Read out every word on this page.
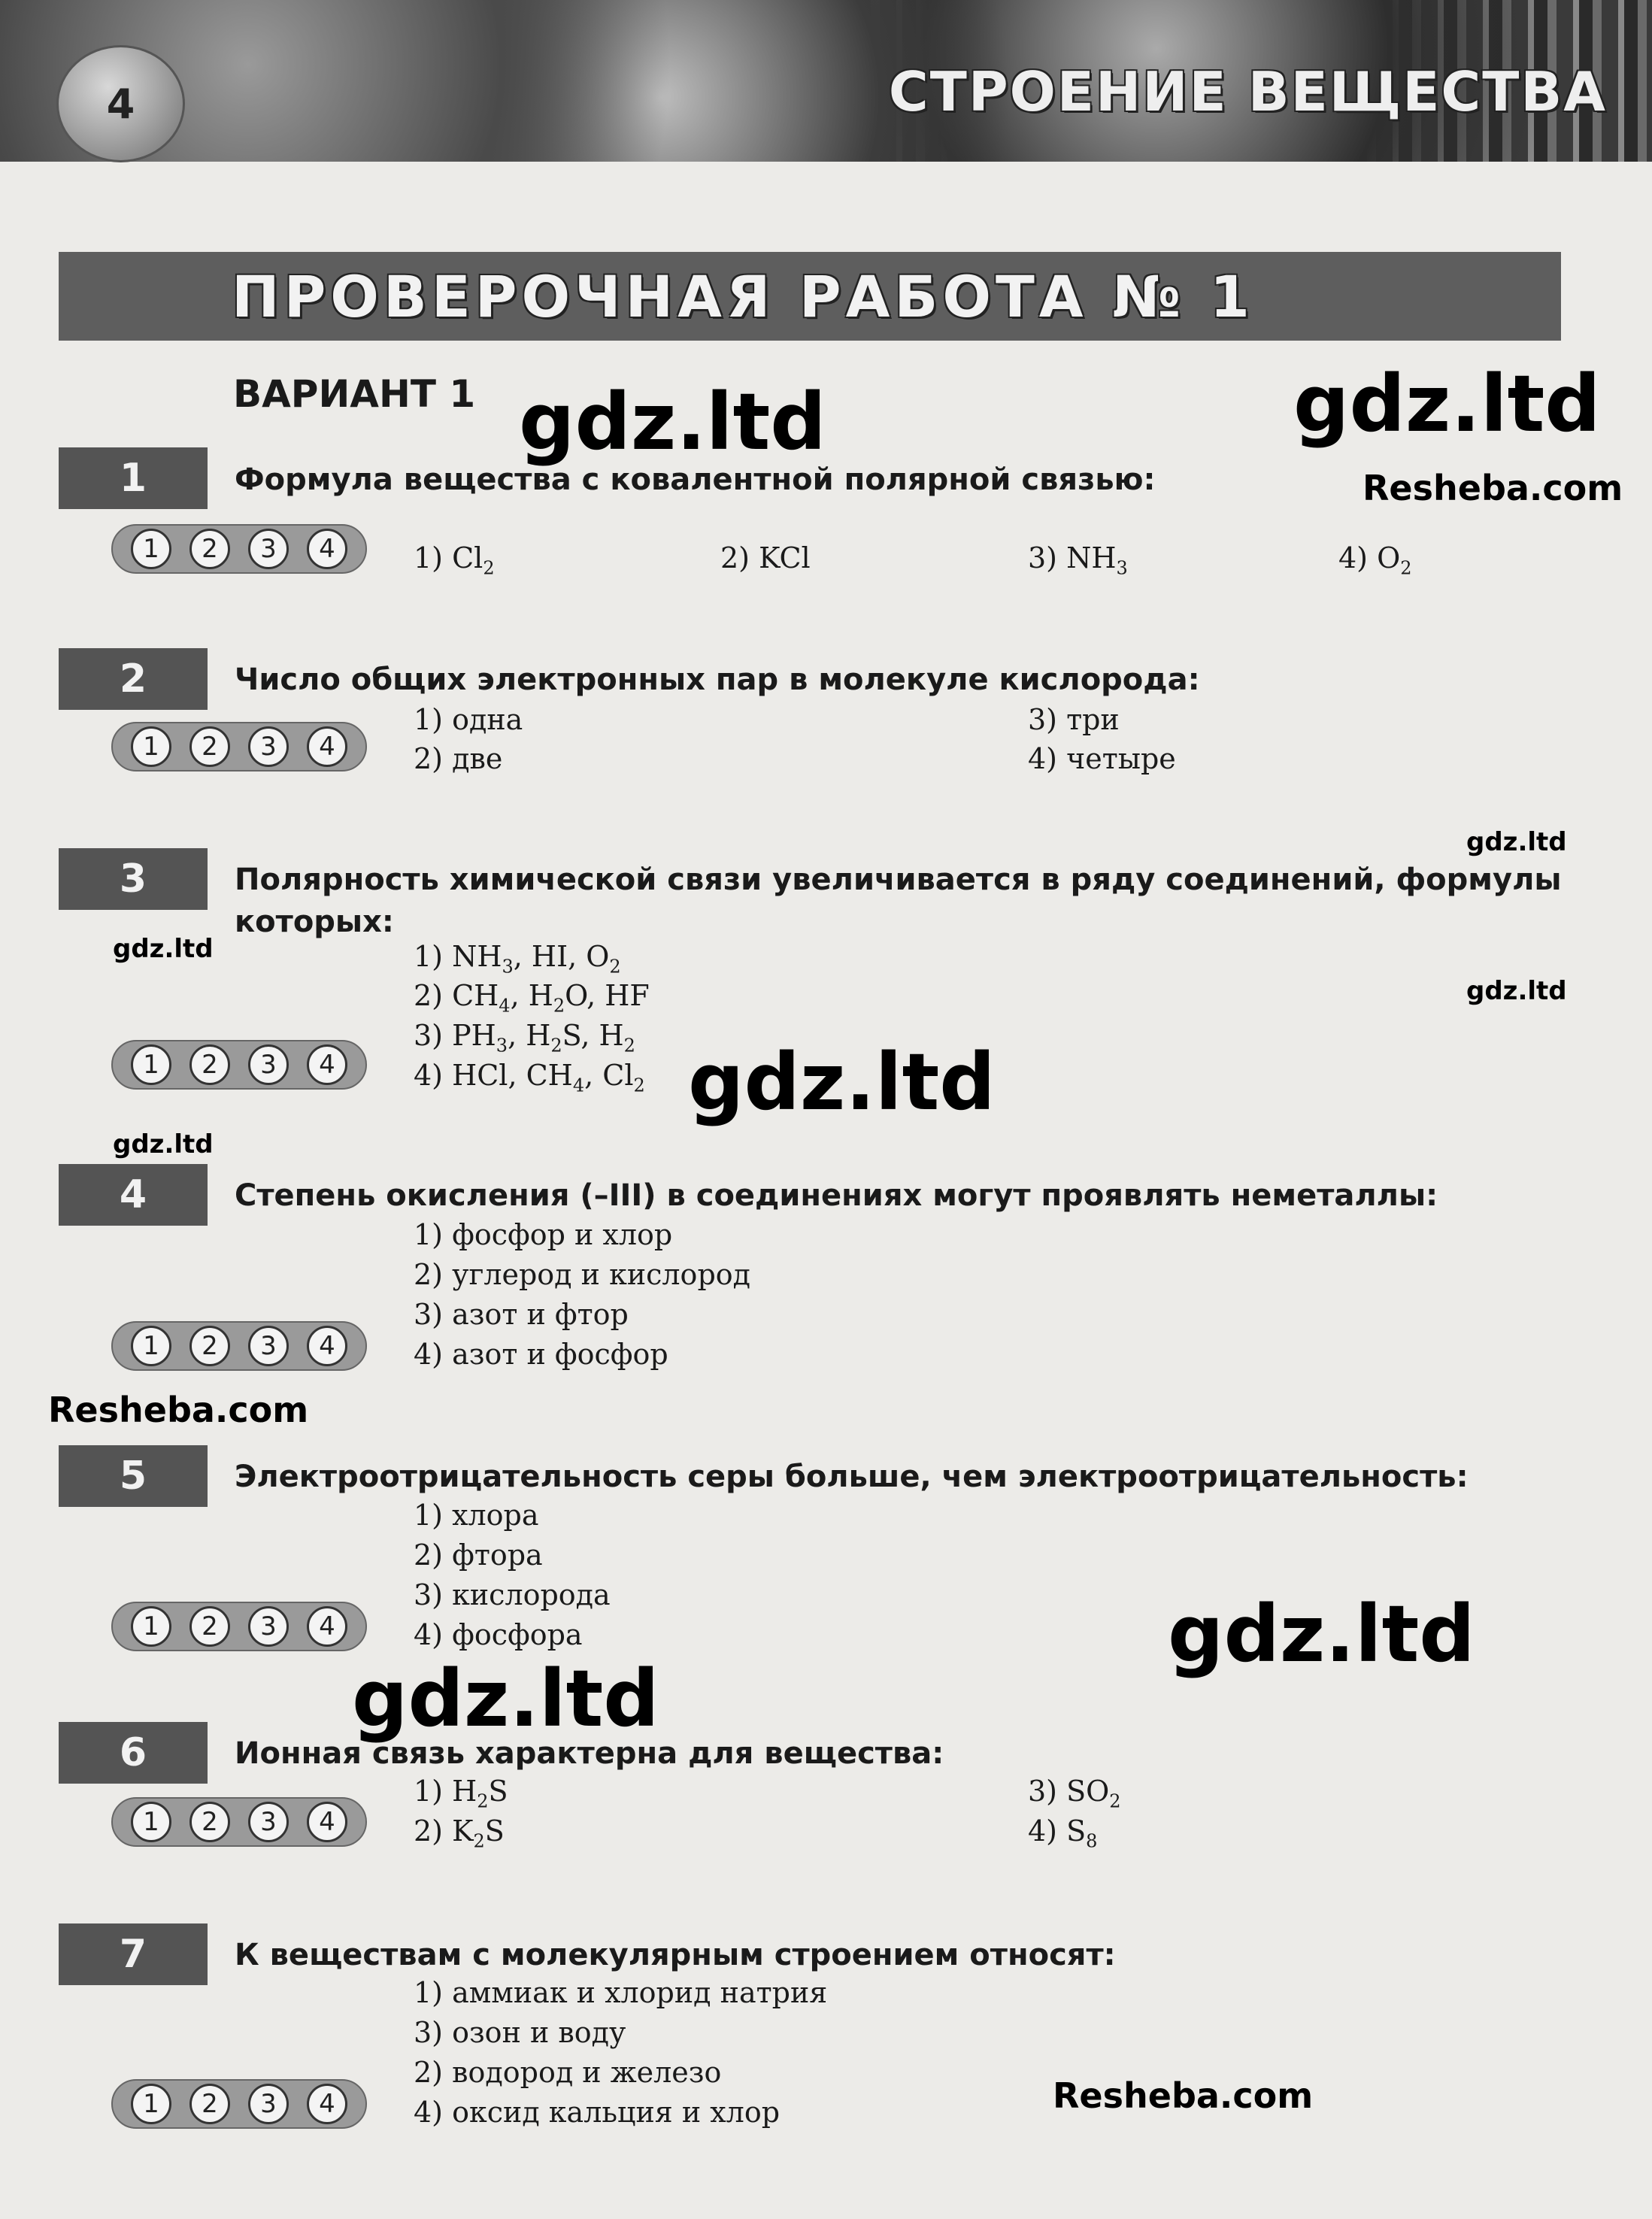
4	СТРОЕНИЕ ВЕЩЕСТВА

ПРОВЕРОЧНАЯ РАБОТА № 1
ВАРИАНТ 1
1	Формула вещества с ковалентной полярной связью:
1	2	3	4	1) $Cl_2$	2) KCl	3) $NH_3$	4) $O_2$
2	Число общих электронных пар в молекуле кислорода:
1	2	3	4
1) одна
2) две
3) три
4) четыре
3	Полярность химической связи увеличивается в ряду соединений, формулы которых:
1) $NH_3$, HI, $O_2$
2) $CH_4$, $H_2O$, HF
3) $PH_3$, $H_2S$, $H_2$
4) HCl, $CH_4$, $Cl_2$
1	2	3	4
4	Степень окисления (–III) в соединениях могут проявлять неметаллы:
1) фосфор и хлор
2) углерод и кислород
3) азот и фтор
4) азот и фосфор
1	2	3	4
5	Электроотрицательность серы больше, чем электроотрицательность:
1) хлора
2) фтора
3) кислорода
4) фосфора
1	2	3	4
6	Ионная связь характерна для вещества:
1	2	3	4
1) $H_2S$
2) $K_2S$
3) $SO_2$
4) $S_8$
7	К веществам с молекулярным строением относят:
1) аммиак и хлорид натрия
3) озон и воду
2) водород и железо
4) оксид кальция и хлор
1	2	3	4
gdz.ltd	gdz.ltd
Resheba.com
gdz.ltd
gdz.ltd
gdz.ltd
gdz.ltd
gdz.ltd
Resheba.com
gdz.ltd
gdz.ltd
Resheba.com
